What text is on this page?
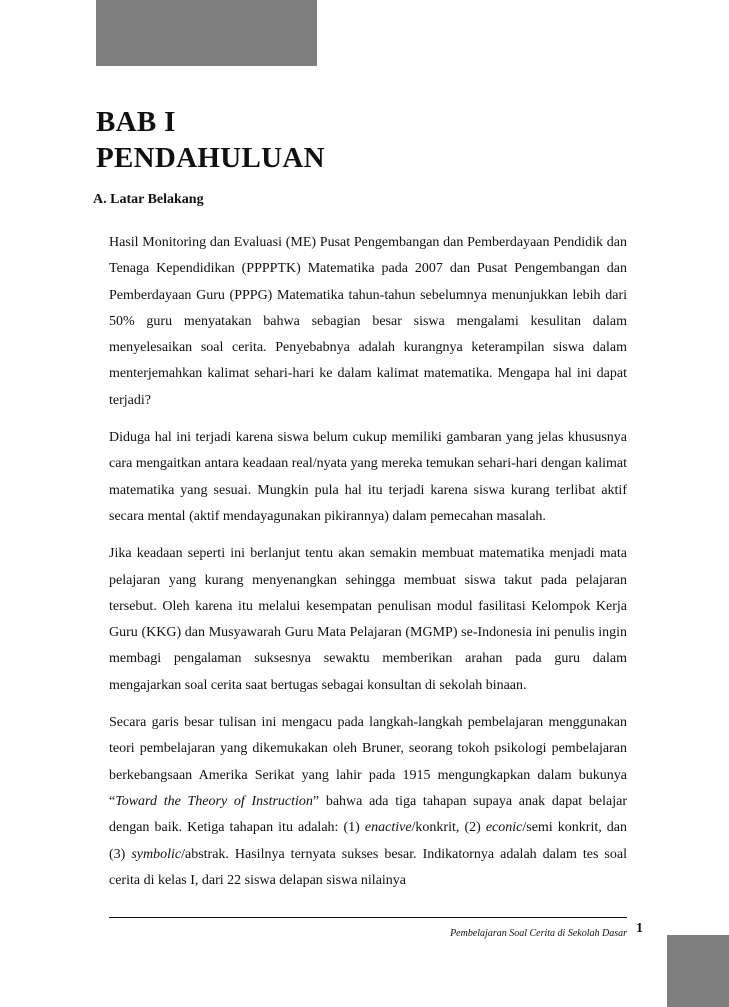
BAB I
PENDAHULUAN
A. Latar Belakang

Hasil Monitoring dan Evaluasi (ME) Pusat Pengembangan dan Pemberdayaan Pendidik dan Tenaga Kependidikan (PPPPTK) Matematika pada 2007 dan Pusat Pengembangan dan Pemberdayaan Guru (PPPG) Matematika tahun-tahun sebelumnya menunjukkan lebih dari 50% guru menyatakan bahwa sebagian besar siswa mengalami kesulitan dalam menyelesaikan soal cerita. Penyebabnya adalah kurangnya keterampilan siswa dalam menterjemahkan kalimat sehari-hari ke dalam kalimat matematika. Mengapa hal ini dapat terjadi?

Diduga hal ini terjadi karena siswa belum cukup memiliki gambaran yang jelas khususnya cara mengaitkan antara keadaan real/nyata yang mereka temukan sehari-hari dengan kalimat matematika yang sesuai. Mungkin pula hal itu terjadi karena siswa kurang terlibat aktif secara mental (aktif mendayagunakan pikirannya) dalam pemecahan masalah.

Jika keadaan seperti ini berlanjut tentu akan semakin membuat matematika menjadi mata pelajaran yang kurang menyenangkan sehingga membuat siswa takut pada pelajaran tersebut. Oleh karena itu melalui kesempatan penulisan modul fasilitasi Kelompok Kerja Guru (KKG) dan Musyawarah Guru Mata Pelajaran (MGMP) se-Indonesia ini penulis ingin membagi pengalaman suksesnya sewaktu memberikan arahan pada guru dalam mengajarkan soal cerita saat bertugas sebagai konsultan di sekolah binaan.

Secara garis besar tulisan ini mengacu pada langkah-langkah pembelajaran menggunakan teori pembelajaran yang dikemukakan oleh Bruner, seorang tokoh psikologi pembelajaran berkebangsaan Amerika Serikat yang lahir pada 1915 mengungkapkan dalam bukunya “Toward the Theory of Instruction” bahwa ada tiga tahapan supaya anak dapat belajar dengan baik. Ketiga tahapan itu adalah: (1) enactive/konkrit, (2) econic/semi konkrit, dan (3) symbolic/abstrak. Hasilnya ternyata sukses besar. Indikatornya adalah dalam tes soal cerita di kelas I, dari 22 siswa delapan siswa nilainya

Pembelajaran Soal Cerita di Sekolah Dasar 1
